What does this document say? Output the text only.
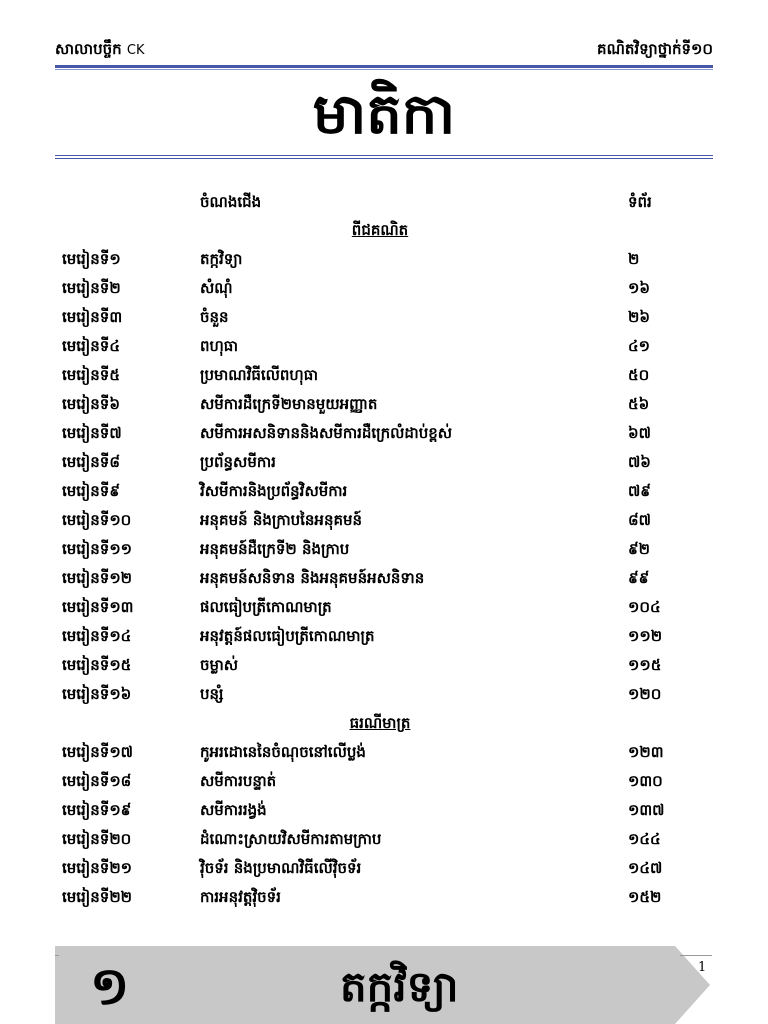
សាលាបច្ចឹក CK	គណិតវិទ្យាថ្នាក់ទី១០
មាតិកា
ចំណងជើង	ទំព័រ
ពីជគណិត
មេរៀនទី១	តក្កវិទ្យា	២
មេរៀនទី២	សំណុំ	១៦
មេរៀនទី៣	ចំនួន	២៦
មេរៀនទី៤	ពហុធា	៤១
មេរៀនទី៥	ប្រមាណវិធីលើពហុធា	៥០
មេរៀនទី៦	សមីការដឺក្រេទី២មានមួយអញ្ញាត	៥៦
មេរៀនទី៧	សមីការអសនិទាននិងសមីការដឺក្រេលំដាប់ខ្ពស់	៦៧
មេរៀនទី៨	ប្រព័ន្ធសមីការ	៧៦
មេរៀនទី៩	វិសមីការនិងប្រព័ន្ធវិសមីការ	៧៩
មេរៀនទី១០	អនុគមន៍ និងក្រាបនៃអនុគមន៍	៨៧
មេរៀនទី១១	អនុគមន៍ដឺក្រេទី២ និងក្រាប	៩២
មេរៀនទី១២	អនុគមន៍សនិទាន និងអនុគមន៍អសនិទាន	៩៩
មេរៀនទី១៣	ផលធៀបត្រីកោណមាត្រ	១០៤
មេរៀនទី១៤	អនុវត្តន៍ផលធៀបត្រីកោណមាត្រ	១១២
មេរៀនទី១៥	ចម្លាស់	១១៥
មេរៀនទី១៦	បន្សំ	១២០
ធរណីមាត្រ
មេរៀនទី១៧	កូអរដោនេនៃចំណុចនៅលើប្លង់	១២៣
មេរៀនទី១៨	សមីការបន្ទាត់	១៣០
មេរៀនទី១៩	សមីការរង្វង់	១៣៧
មេរៀនទី២០	ដំណោះស្រាយវិសមីការតាមក្រាប	១៤៤
មេរៀនទី២១	វ៉ិចទ័រ និងប្រមាណវិធីលើវ៉ិចទ័រ	១៤៧
មេរៀនទី២២	ការអនុវត្តវ៉ិចទ័រ	១៥២
១	តក្កវិទ្យា	1
